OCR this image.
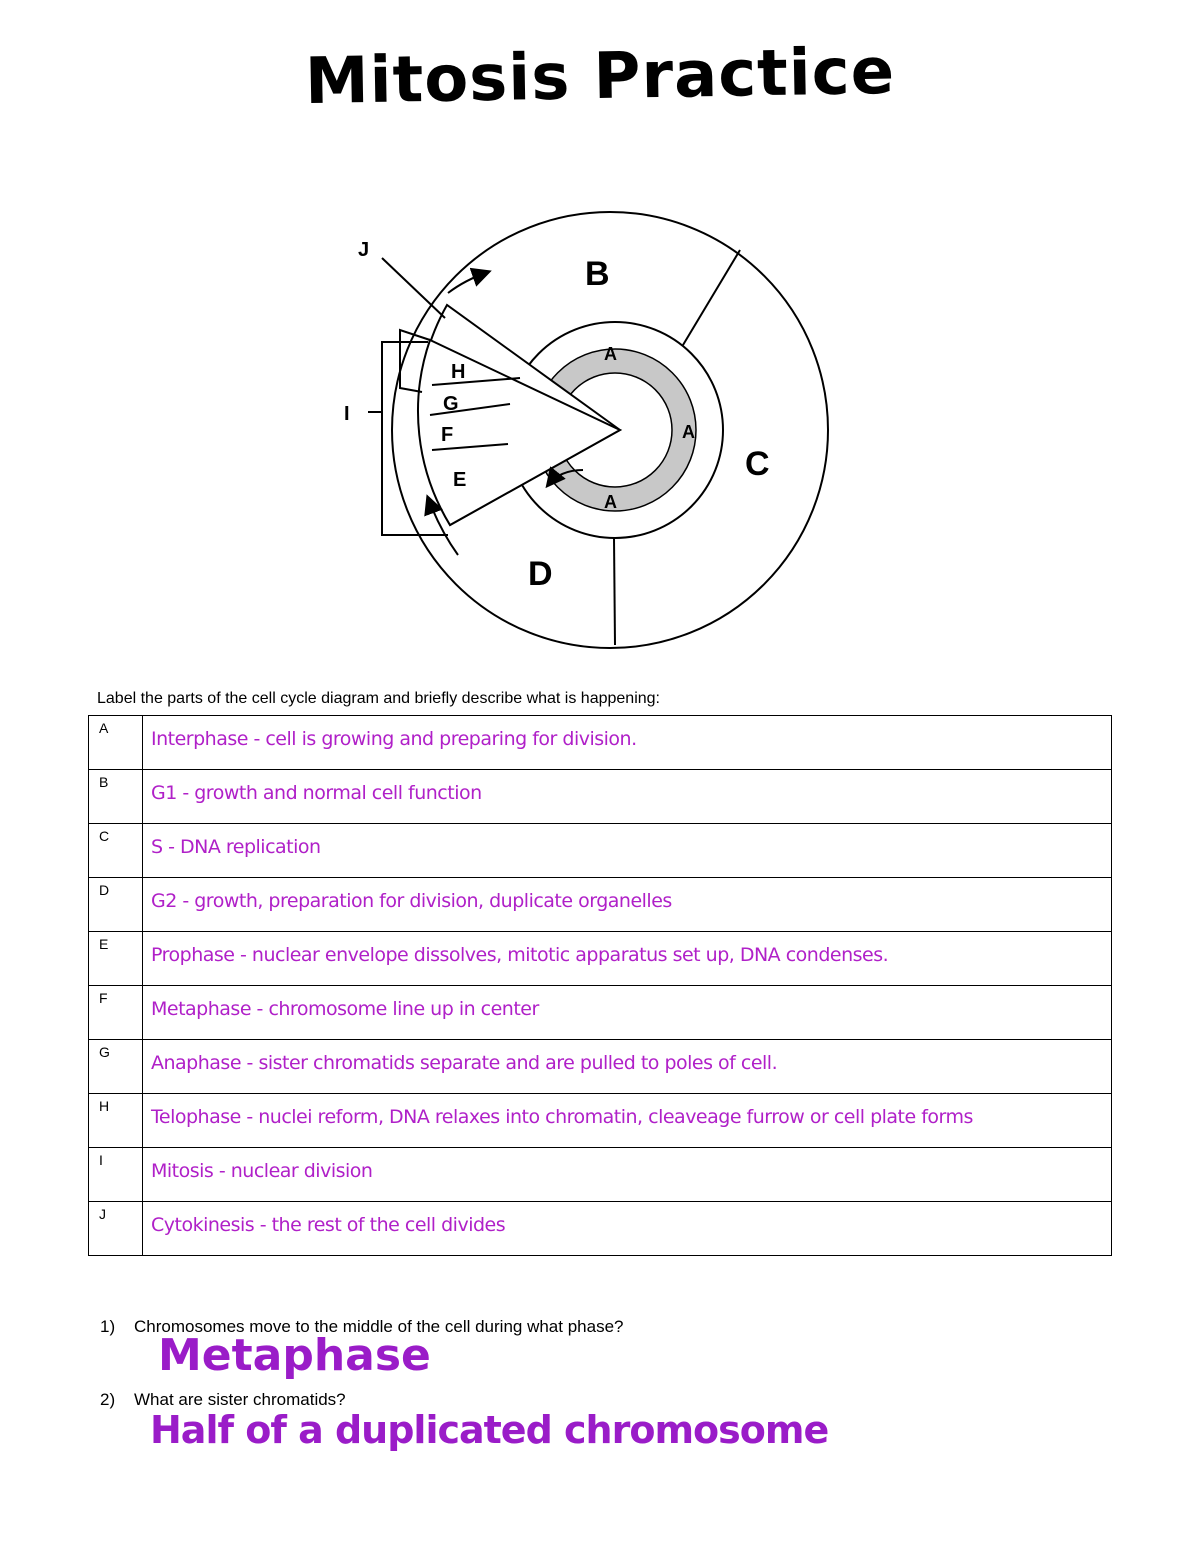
Mitosis Practice
J
B
C
D
A
A
A
H
G
F
E
I
Label the parts of the cell cycle diagram and briefly describe what is happening:
A	Interphase - cell is growing and preparing for division.
B	G1 - growth and normal cell function
C	S - DNA replication
D	G2 - growth, preparation for division, duplicate organelles
E	Prophase - nuclear envelope dissolves, mitotic apparatus set up, DNA condenses.
F	Metaphase - chromosome line up in center
G	Anaphase - sister chromatids separate and are pulled to poles of cell.
H	Telophase - nuclei reform, DNA relaxes into chromatin, cleaveage furrow or cell plate forms
I	Mitosis - nuclear division
J	Cytokinesis - the rest of the cell divides
1) Chromosomes move to the middle of the cell during what phase?
Metaphase
2) What are sister chromatids?
Half of a duplicated chromosome
